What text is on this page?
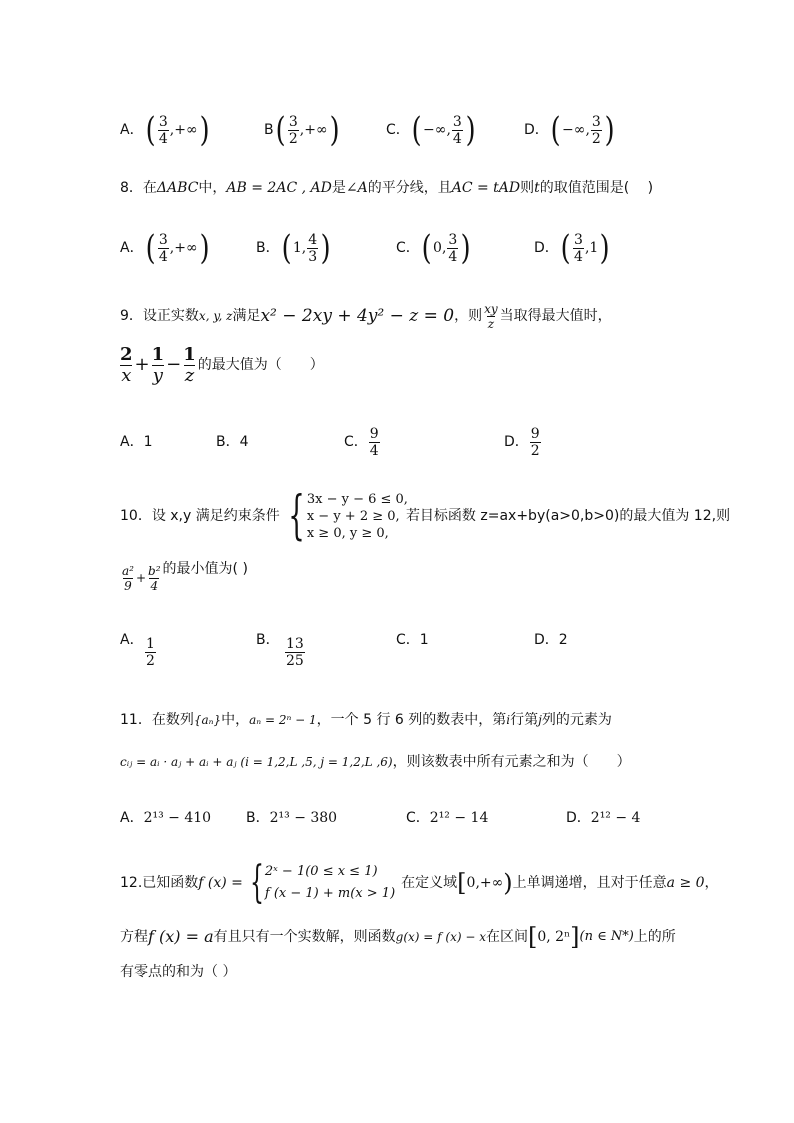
A． ( $\frac{3}{4}$ ,+∞ )	B ( $\frac{3}{2}$ ,+∞ )	C． ( −∞, $\frac{3}{4}$ )	D． ( −∞, $\frac{3}{2}$ )
8．在ΔABC中，AB = 2AC , AD是∠A的平分线，且AC = tAD则t的取值范围是(　 )
A． ( $\frac{3}{4}$ ,+∞ )	B． ( 1, $\frac{4}{3}$ )	C． ( 0, $\frac{3}{4}$ )	D． ( $\frac{3}{4} ,1$ )
9．设正实数 x, y, z 满足 x² − 2xy + 4y² − z = 0 ，则 $\frac{xy}{z}$ 当取得最大值时，
$\frac{2}{x} + \frac{1}{y} - \frac{1}{z}$ 的最大值为（　　）
A．1	B．4	C． $\frac{9}{4}$	D． $\frac{9}{2}$
10．设 x,y 满足约束条件 { 3x − y − 6 ≤ 0,
x − y + 2 ≥ 0,
x ≥ 0, y ≥ 0,
若目标函数 z=ax+by(a>0,b>0)的最大值为 12,则
$\frac{\text{a²}}{9} + \frac{\text{b²}}{4}$ 的最小值为( )
A． $\frac{1}{2}$	B． $\frac{13}{25}$	C．1	D．2
11．在数列{aₙ}中，aₙ = 2ⁿ − 1，一个 5 行 6 列的数表中，第i行第j列的元素为
cᵢⱼ = aᵢ · aⱼ + aᵢ + aⱼ (i = 1,2,L ,5, j = 1,2,L ,6)，则该数表中所有元素之和为（　　）
A．2¹³ − 410 B．2¹³ − 380	C．2¹² − 14	D．2¹² − 4
12.已知函数 f (x) = { 2ˣ − 1(0 ≤ x ≤ 1)
f (x − 1) + m(x > 1)
在定义域 [ 0,+∞ ) 上单调递增，且对于任意 a ≥ 0 ，
方程 f (x) = a 有且只有一个实数解，则函数 g(x) = f (x) − x 在区间 [ 0, 2ⁿ ] (n ∈ N*) 上的所
有零点的和为（ ）
